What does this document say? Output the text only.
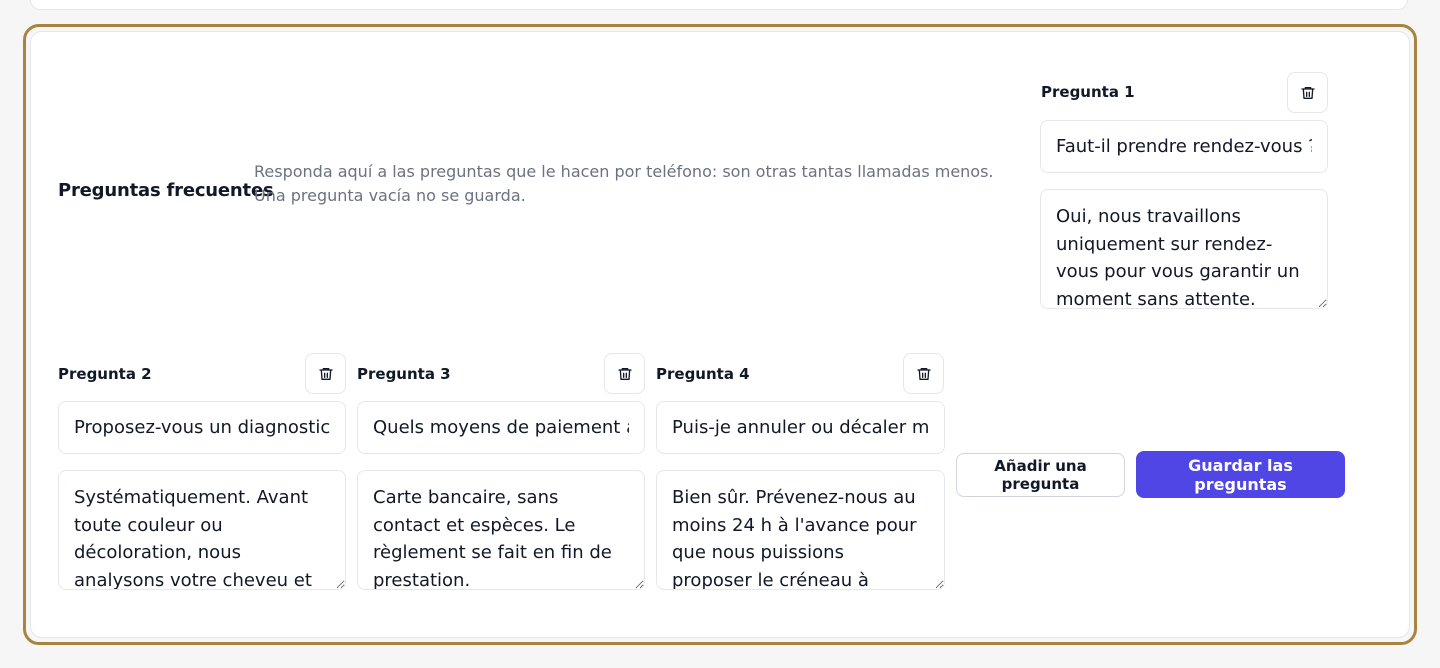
Preguntas frecuentes
Responda aquí a las preguntas que le hacen por teléfono: son otras tantas llamadas menos. Una pregunta vacía no se guarda.
Pregunta 1
Faut-il prendre rendez-vous ?
Oui, nous travaillons uniquement sur rendez-vous pour vous garantir un moment sans attente. Réservez en
Pregunta 2
Proposez-vous un diagnostic a
Systématiquement. Avant toute couleur ou décoloration, nous analysons votre cheveu et échangeons sur le résultat	Pregunta 3
Quels moyens de paiement acc
Carte bancaire, sans contact et espèces. Le règlement se fait en fin de prestation.	Pregunta 4
Puis-je annuler ou décaler mon
Bien sûr. Prévenez-nous au moins 24 h à l'avance pour que nous puissions proposer le créneau à quelqu'un
Añadir una pregunta
Guardar las preguntas
